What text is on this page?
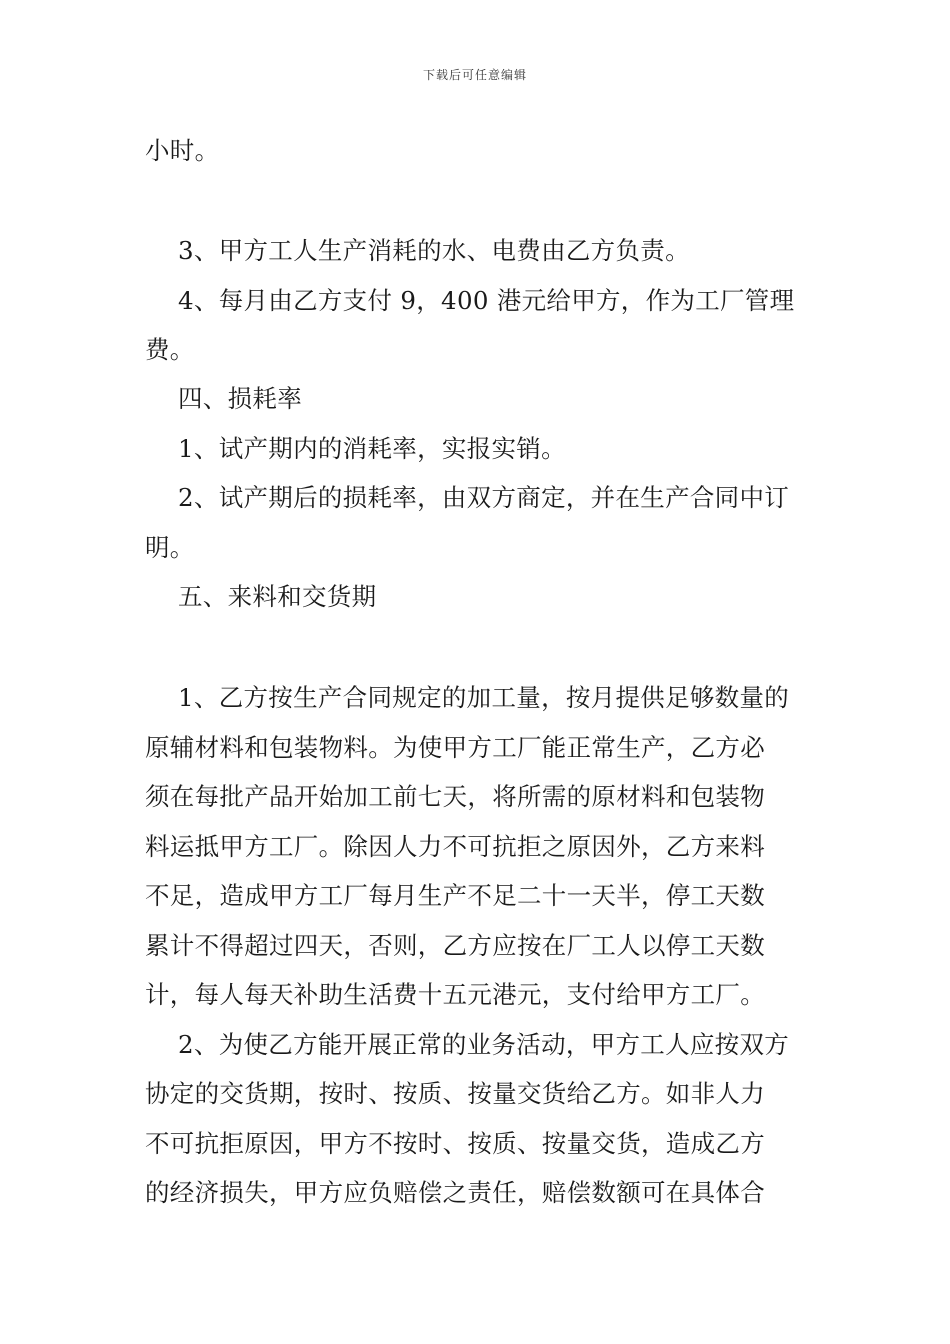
下载后可任意编辑
小时。
3、甲方工人生产消耗的水、电费由乙方负责。
4、每月由乙方支付 9，400 港元给甲方，作为工厂管理
费。
四、损耗率
1、试产期内的消耗率，实报实销。
2、试产期后的损耗率，由双方商定，并在生产合同中订
明。
五、来料和交货期
1、乙方按生产合同规定的加工量，按月提供足够数量的
原辅材料和包装物料。为使甲方工厂能正常生产，乙方必
须在每批产品开始加工前七天，将所需的原材料和包装物
料运抵甲方工厂。除因人力不可抗拒之原因外，乙方来料
不足，造成甲方工厂每月生产不足二十一天半，停工天数
累计不得超过四天，否则，乙方应按在厂工人以停工天数
计，每人每天补助生活费十五元港元，支付给甲方工厂。
2、为使乙方能开展正常的业务活动，甲方工人应按双方
协定的交货期，按时、按质、按量交货给乙方。如非人力
不可抗拒原因，甲方不按时、按质、按量交货，造成乙方
的经济损失，甲方应负赔偿之责任，赔偿数额可在具体合
